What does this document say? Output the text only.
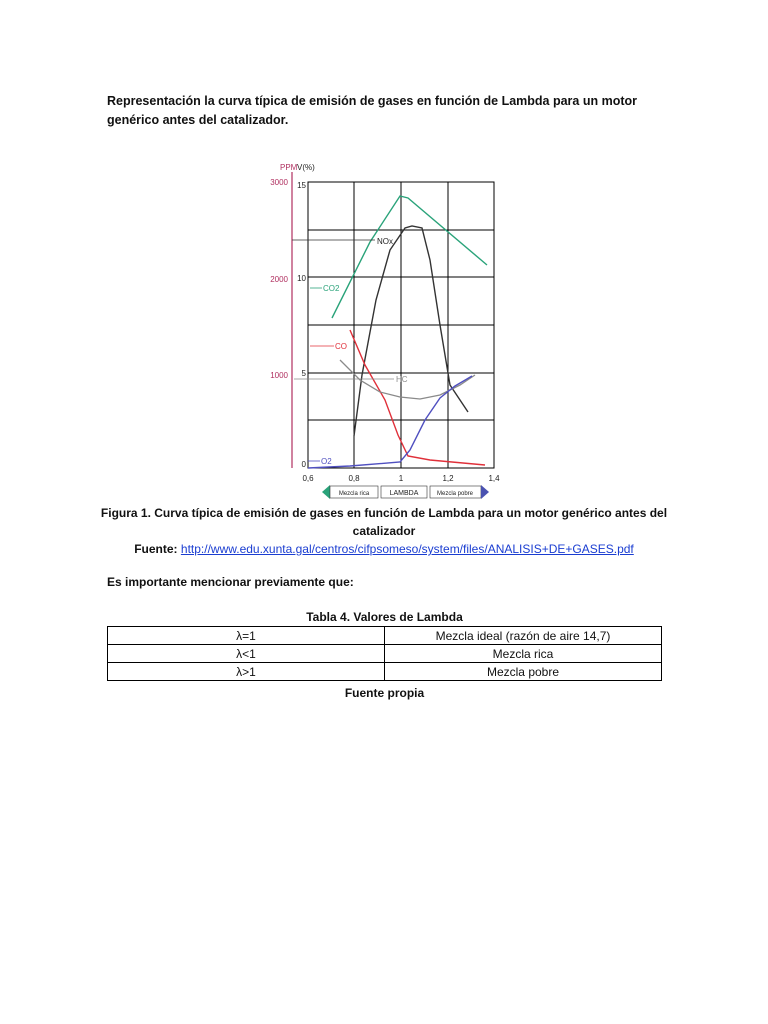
Representación la curva típica de emisión de gases en función de Lambda para un motor genérico antes del catalizador.
PPM V(%)
3000
2000
1000
15
10
5
0
0,6	0,8	1	1,2	1,4
NOx
CO2
CO
HC
O2
Mezcla rica	LAMBDA	Mezcla pobre
Figura 1. Curva típica de emisión de gases en función de Lambda para un motor genérico antes del catalizador
Fuente: http://www.edu.xunta.gal/centros/cifpsomeso/system/files/ANALISIS+DE+GASES.pdf
Es importante mencionar previamente que:
Tabla 4. Valores de Lambda
λ=1	Mezcla ideal (razón de aire 14,7)
λ<1	Mezcla rica
λ>1	Mezcla pobre
Fuente propia
